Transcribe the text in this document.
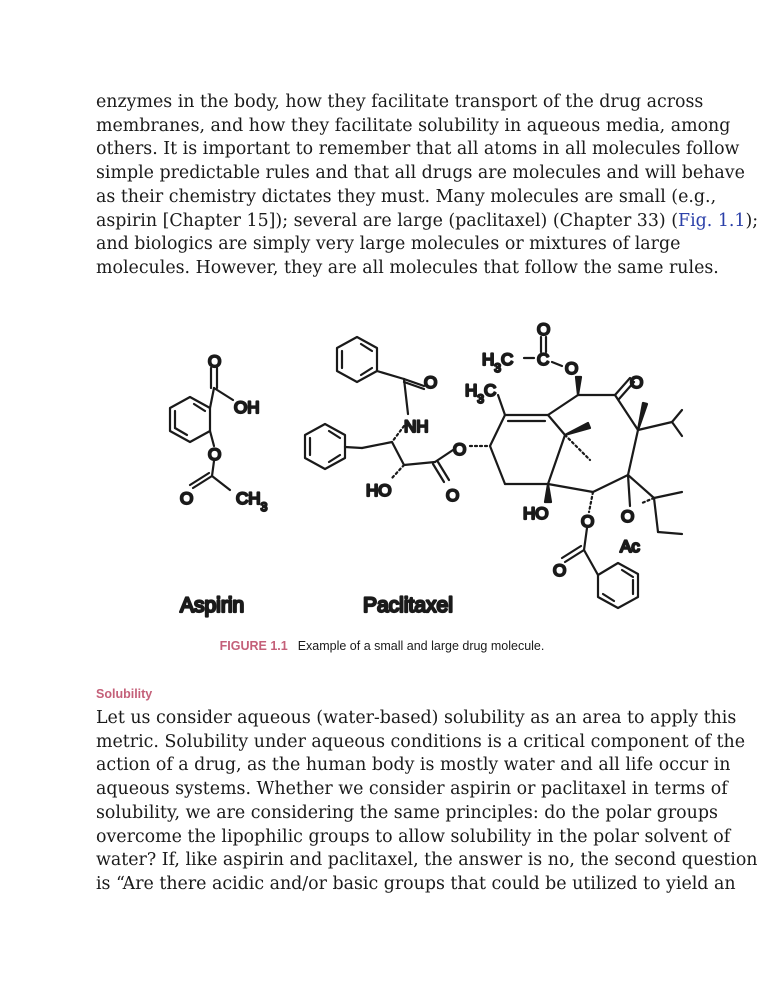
enzymes in the body, how they facilitate transport of the drug across
membranes, and how they facilitate solubility in aqueous media, among
others. It is important to remember that all atoms in all molecules follow
simple predictable rules and that all drugs are molecules and will behave
as their chemistry dictates they must. Many molecules are small (e.g.,
aspirin [Chapter 15]); several are large (paclitaxel) (Chapter 33) (Fig. 1.1);
and biologics are simply very large molecules or mixtures of large
molecules. However, they are all molecules that follow the same rules.
O
OH
O
O	$CH_3$
Aspirin
O
NH
HO	O
O
$H_3C$ C
O
O
$H_3C$	O
HO O
O
O
Ac
Paclitaxel
FIGURE 1.1 Example of a small and large drug molecule.
Solubility
Let us consider aqueous (water-based) solubility as an area to apply this
metric. Solubility under aqueous conditions is a critical component of the
action of a drug, as the human body is mostly water and all life occur in
aqueous systems. Whether we consider aspirin or paclitaxel in terms of
solubility, we are considering the same principles: do the polar groups
overcome the lipophilic groups to allow solubility in the polar solvent of
water? If, like aspirin and paclitaxel, the answer is no, the second question
is “Are there acidic and/or basic groups that could be utilized to yield an
